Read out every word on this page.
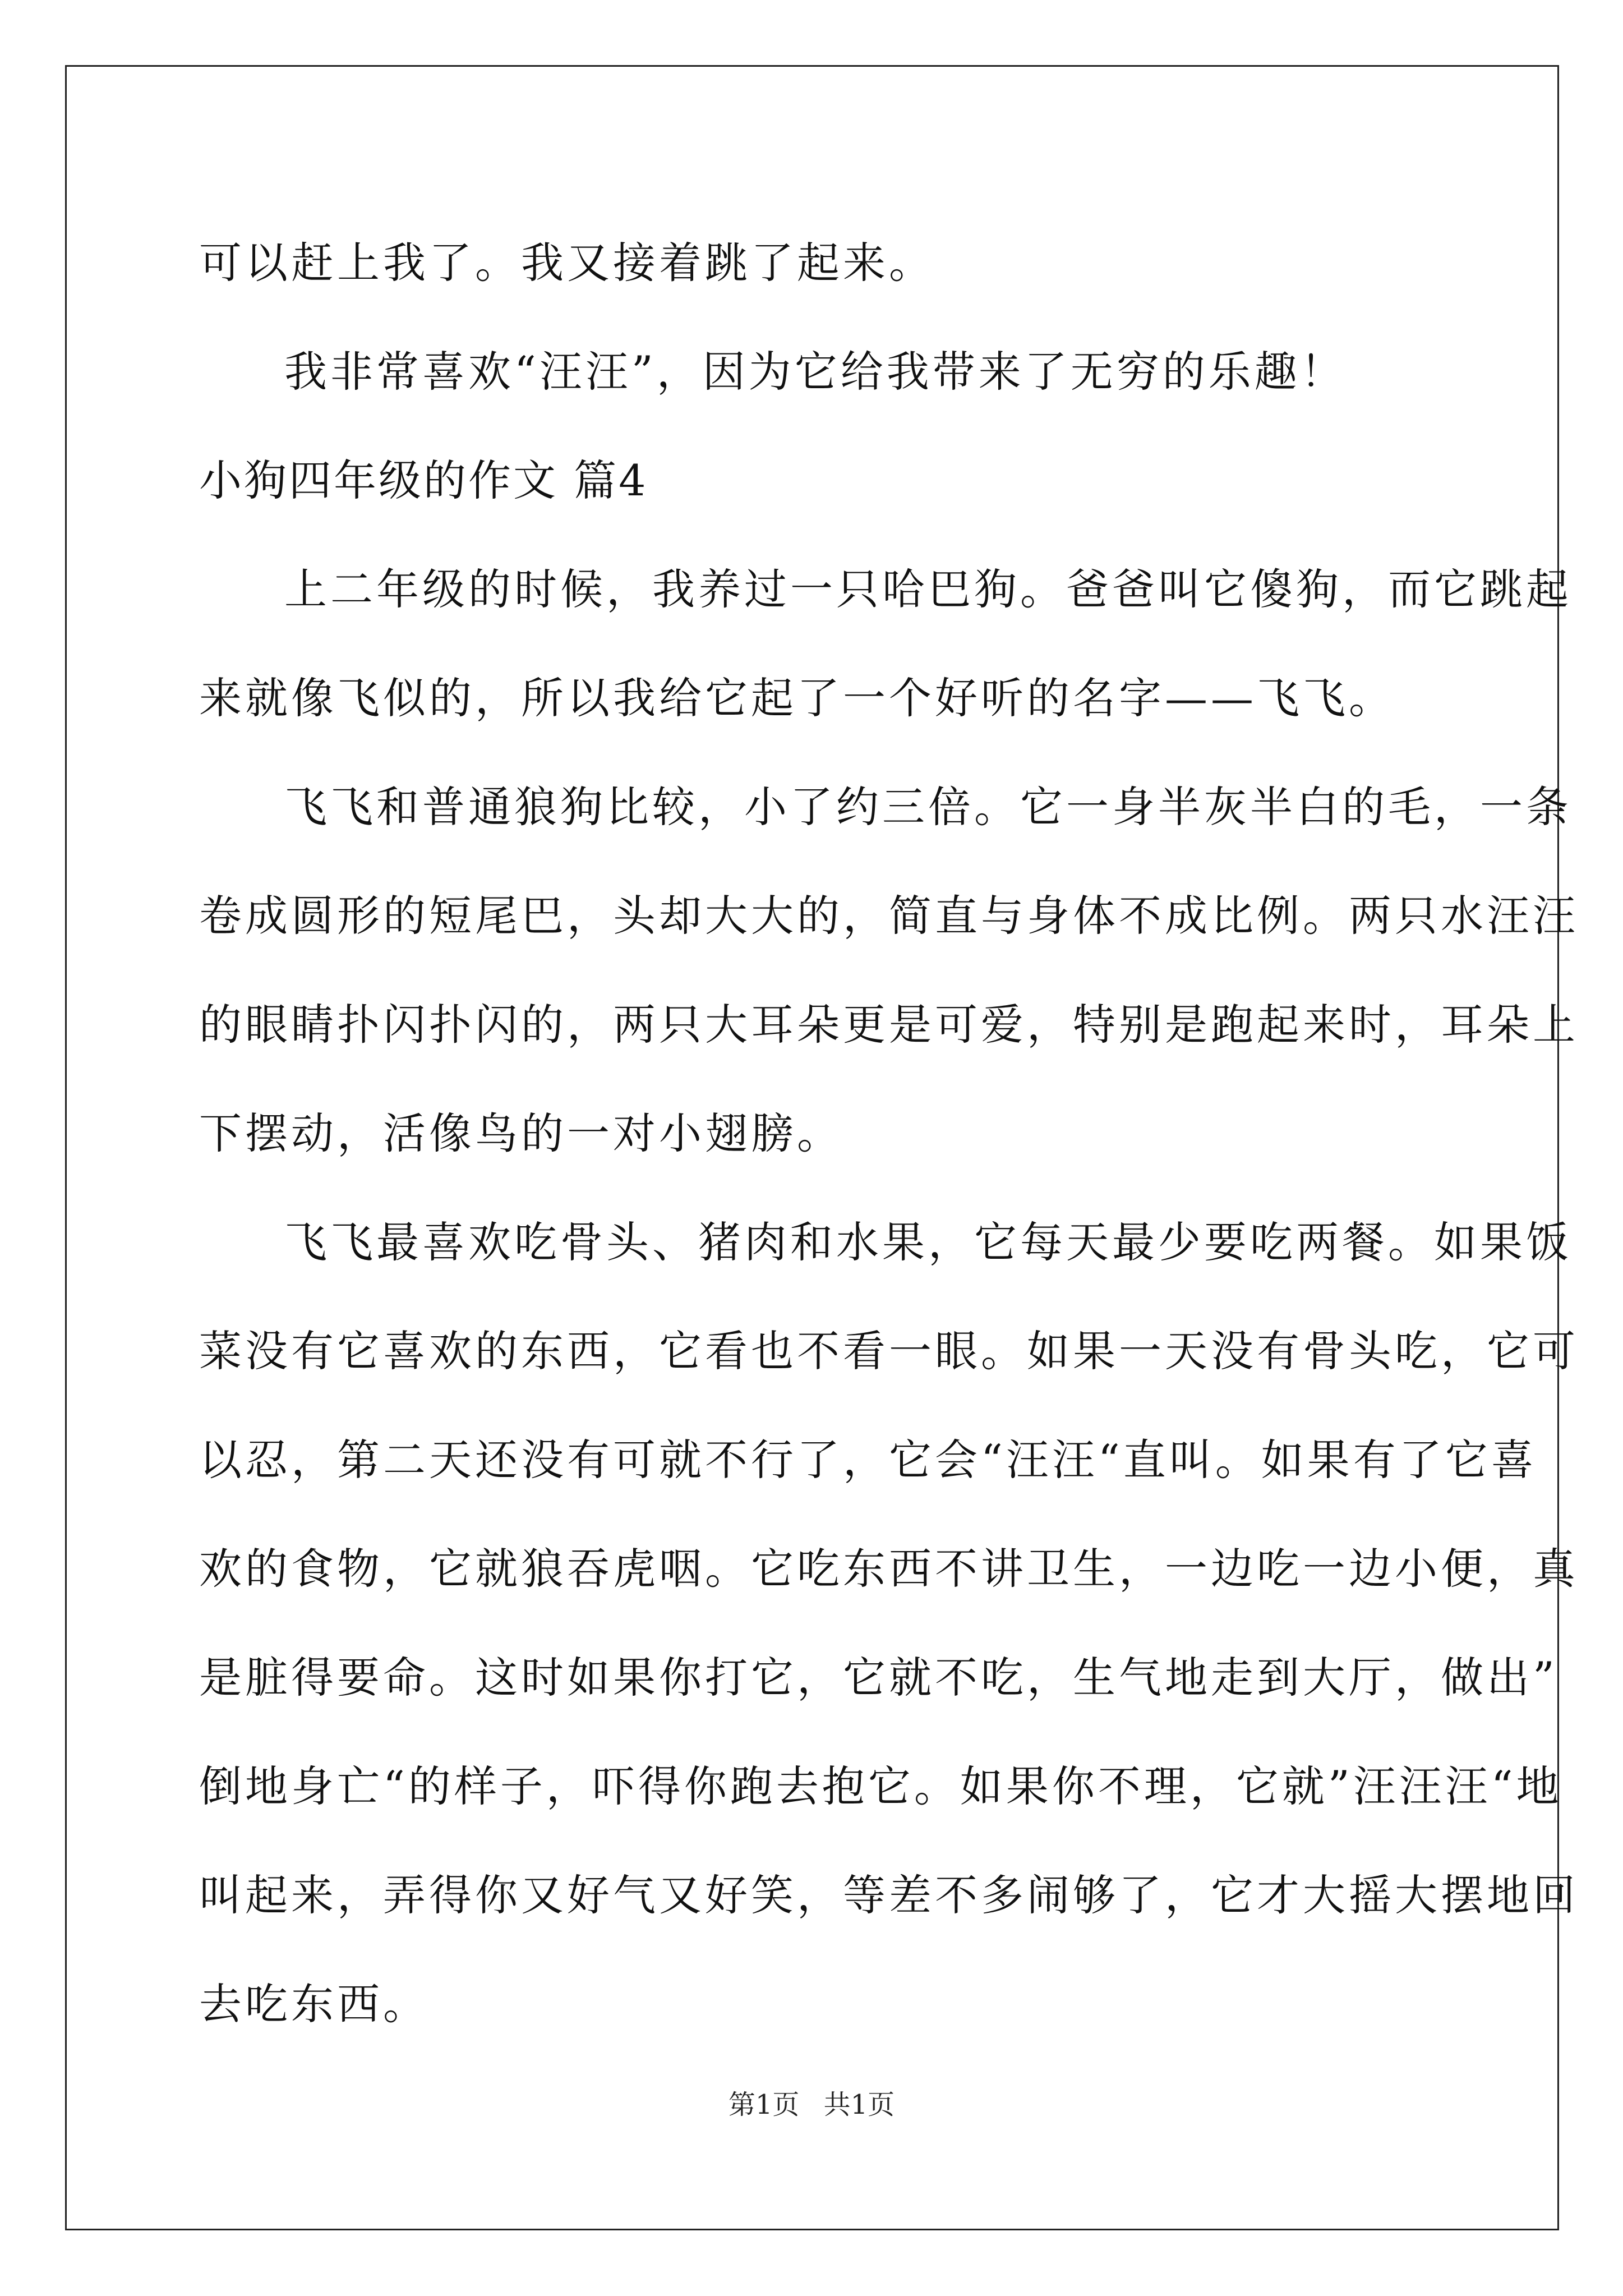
可以赶上我了。我又接着跳了起来。
我非常喜欢“汪汪”，因为它给我带来了无穷的乐趣！
小狗四年级的作文 篇4
上二年级的时候，我养过一只哈巴狗。爸爸叫它傻狗，而它跳起
来就像飞似的，所以我给它起了一个好听的名字——飞飞。
飞飞和普通狼狗比较，小了约三倍。它一身半灰半白的毛，一条
卷成圆形的短尾巴，头却大大的，简直与身体不成比例。两只水汪汪
的眼睛扑闪扑闪的，两只大耳朵更是可爱，特别是跑起来时，耳朵上
下摆动，活像鸟的一对小翅膀。
飞飞最喜欢吃骨头、猪肉和水果，它每天最少要吃两餐。如果饭
菜没有它喜欢的东西，它看也不看一眼。如果一天没有骨头吃，它可
以忍，第二天还没有可就不行了，它会“汪汪“直叫。如果有了它喜
欢的食物，它就狼吞虎咽。它吃东西不讲卫生，一边吃一边小便，真
是脏得要命。这时如果你打它，它就不吃，生气地走到大厅，做出”
倒地身亡“的样子，吓得你跑去抱它。如果你不理，它就”汪汪汪“地
叫起来，弄得你又好气又好笑，等差不多闹够了，它才大摇大摆地回
去吃东西。
第1页 共1页
